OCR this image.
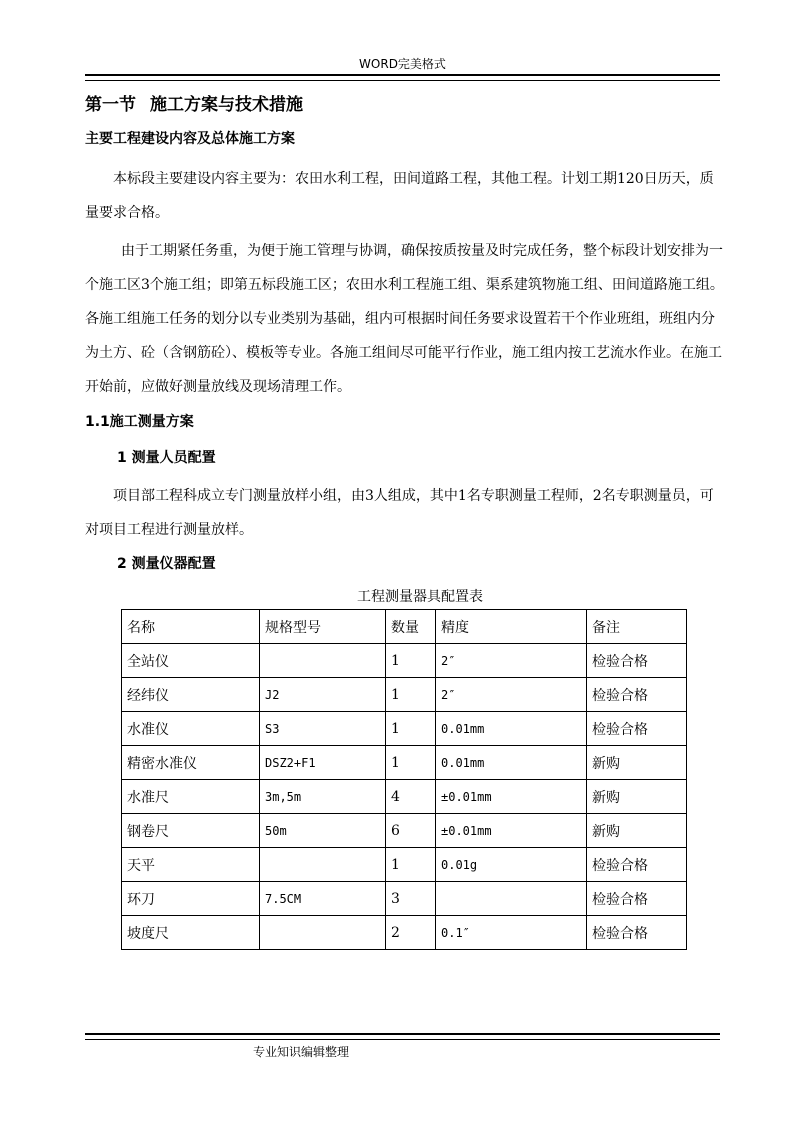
WORD完美格式
第一节 施工方案与技术措施
主要工程建设内容及总体施工方案

本标段主要建设内容主要为：农田水利工程，田间道路工程，其他工程。计划工期120日历天，质量要求合格。

由于工期紧任务重，为便于施工管理与协调，确保按质按量及时完成任务，整个标段计划安排为一个施工区3个施工组；即第五标段施工区；农田水利工程施工组、渠系建筑物施工组、田间道路施工组。各施工组施工任务的划分以专业类别为基础，组内可根据时间任务要求设置若干个作业班组，班组内分为土方、砼（含钢筋砼）、模板等专业。各施工组间尽可能平行作业，施工组内按工艺流水作业。在施工开始前，应做好测量放线及现场清理工作。

1.1施工测量方案
1 测量人员配置

项目部工程科成立专门测量放样小组，由3人组成，其中1名专职测量工程师，2名专职测量员，可对项目工程进行测量放样。

2 测量仪器配置
工程测量器具配置表
名称	规格型号	数量	精度	备注
全站仪		1	2″	检验合格
经纬仪	J2	1	2″	检验合格
水准仪	S3	1	0.01mm	检验合格
精密水准仪	DSZ2+F1	1	0.01mm	新购
水准尺	3m,5m	4	±0.01mm	新购
钢卷尺	50m	6	±0.01mm	新购
天平		1	0.01g	检验合格
环刀	7.5CM	3		检验合格
坡度尺		2	0.1″	检验合格
专业知识编辑整理
